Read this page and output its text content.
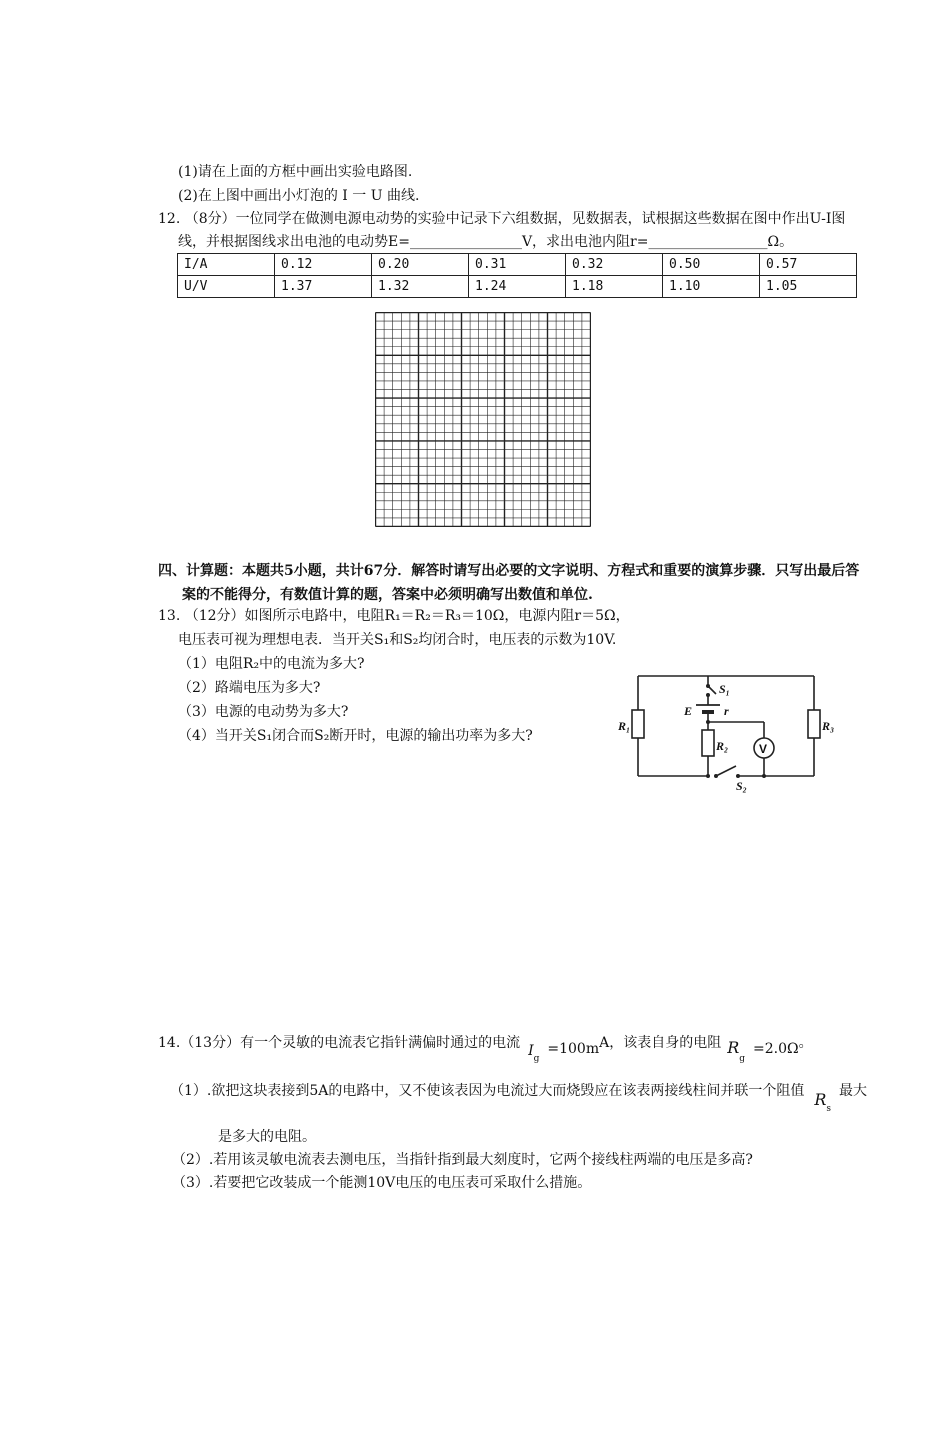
(1)请在上面的方框中画出实验电路图.
(2)在上图中画出小灯泡的 I 一 U 曲线.
12. （8分）一位同学在做测电源电动势的实验中记录下六组数据，见数据表，试根据这些数据在图中作出U-I图
线，并根据图线求出电池的电动势E=________________V，求出电池内阻r=_________________Ω。
I/A	0.12	0.20	0.31	0.32	0.50	0.57
U/V	1.37	1.32	1.24	1.18	1.10	1.05
四、计算题：本题共5小题，共计67分．解答时请写出必要的文字说明、方程式和重要的演算步骤．只写出最后答
案的不能得分，有数值计算的题，答案中必须明确写出数值和单位.
13. （12分）如图所示电路中，电阻R₁＝R₂＝R₃＝10Ω，电源内阻r＝5Ω，
电压表可视为理想电表．当开关S₁和S₂均闭合时，电压表的示数为10V.
（1）电阻R₂中的电流为多大?
（2）路端电压为多大?
（3）电源的电动势为多大?
（4）当开关S₁闭合而S₂断开时，电源的输出功率为多大?
S₁
E	r
R₁
R₂
R₃
S₂
V
14.（13分）有一个灵敏的电流表它指针满偏时通过的电流 $I_g=100mA$，该表自身的电阻 $R_g=2.0\Omega$。
（1）.欲把这块表接到5A的电路中，又不使该表因为电流过大而烧毁应在该表两接线柱间并联一个阻值 $R_s$最大
是多大的电阻。
（2）.若用该灵敏电流表去测电压，当指针指到最大刻度时，它两个接线柱两端的电压是多高?
（3）.若要把它改装成一个能测10V电压的电压表可采取什么措施。
